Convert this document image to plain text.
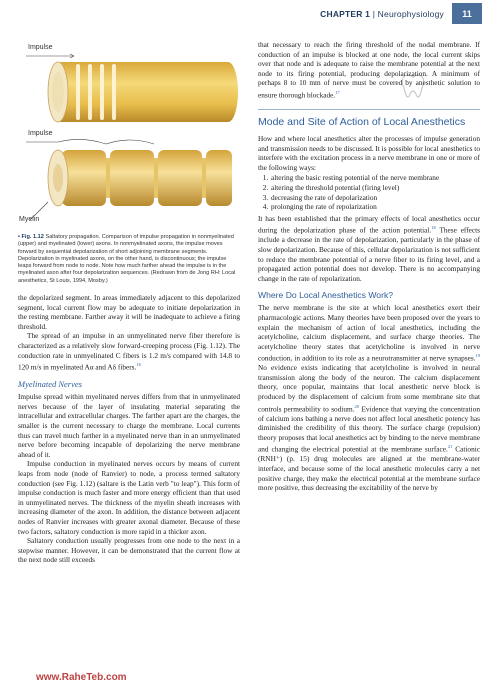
CHAPTER 1 | Neurophysiology	11
Impulse
Impulse
Myelin
• Fig. 1.12 Saltatory propagation. Comparison of impulse propagation in nonmyelinated (upper) and myelinated (lower) axons. In nonmyelinated axons, the impulse moves forward by sequential depolarization of short adjoining membrane segments. Depolarization in myelinated axons, on the other hand, is discontinuous; the impulse leaps forward from node to node. Note how much farther ahead the impulse is in the myelinated axon after four depolarization sequences. (Redrawn from de Jong RH: Local anesthetics, St Louis, 1994, Mosby.)

the depolarized segment. In areas immediately adjacent to this depolarized segment, local current flow may be adequate to initiate depolarization in the resting membrane. Farther away it will be inadequate to achieve a firing threshold.

The spread of an impulse in an unmyelinated nerve fiber therefore is characterized as a relatively slow forward-creeping process (Fig. 1.12). The conduction rate in unmyelinated C fibers is 1.2 m/s compared with 14.8 to 120 m/s in myelinated Aα and Aδ fibers.$^{16}$

Myelinated Nerves

Impulse spread within myelinated nerves differs from that in unmyelinated nerves because of the layer of insulating material separating the intracellular and extracellular charges. The farther apart are the charges, the smaller is the current necessary to charge the membrane. Local currents thus can travel much farther in a myelinated nerve than in an unmyelinated nerve before becoming incapable of depolarizing the nerve membrane ahead of it.

Impulse conduction in myelinated nerves occurs by means of current leaps from node (node of Ranvier) to node, a process termed saltatory conduction (see Fig. 1.12) (saltare is the Latin verb "to leap"). This form of impulse conduction is much faster and more energy efficient than that used in unmyelinated nerves. The thickness of the myelin sheath increases with increasing diameter of the axon. In addition, the distance between adjacent nodes of Ranvier increases with greater axonal diameter. Because of these two factors, saltatory conduction is more rapid in a thicker axon.

Saltatory conduction usually progresses from one node to the next in a stepwise manner. However, it can be demonstrated that the current flow at the next node still exceeds

that necessary to reach the firing threshold of the nodal membrane. If conduction of an impulse is blocked at one node, the local current skips over that node and is adequate to raise the membrane potential at the next node to its firing potential, producing depolarization. A minimum of perhaps 8 to 10 mm of nerve must be covered by anesthetic solution to ensure thorough blockade.$^{17}$

Mode and Site of Action of Local Anesthetics

How and where local anesthetics alter the processes of impulse generation and transmission needs to be discussed. It is possible for local anesthetics to interfere with the excitation process in a nerve membrane in one or more of the following ways:

1. altering the basic resting potential of the nerve membrane
2. altering the threshold potential (firing level)
3. decreasing the rate of depolarization
4. prolonging the rate of repolarization

It has been established that the primary effects of local anesthetics occur during the depolarization phase of the action potential.$^{18}$ These effects include a decrease in the rate of depolarization, particularly in the phase of slow depolarization. Because of this, cellular depolarization is not sufficient to reduce the membrane potential of a nerve fiber to its firing level, and a propagated action potential does not develop. There is no accompanying change in the rate of repolarization.

Where Do Local Anesthetics Work?

The nerve membrane is the site at which local anesthetics exert their pharmacologic actions. Many theories have been proposed over the years to explain the mechanism of action of local anesthetics, including the acetylcholine, calcium displacement, and surface charge theories. The acetylcholine theory states that acetylcholine is involved in nerve conduction, in addition to its role as a neurotransmitter at nerve synapses.$^{19}$ No evidence exists indicating that acetylcholine is involved in neural transmission along the body of the neuron. The calcium displacement theory, once popular, maintains that local anesthetic nerve block is produced by the displacement of calcium from some membrane site that controls permeability to sodium.$^{20}$ Evidence that varying the concentration of calcium ions bathing a nerve does not affect local anesthetic potency has diminished the credibility of this theory. The surface charge (repulsion) theory proposes that local anesthetics act by binding to the nerve membrane and changing the electrical potential at the membrane surface.$^{21}$ Cationic (RNH⁺) (p. 15) drug molecules are aligned at the membrane-water interface, and because some of the local anesthetic molecules carry a net positive charge, they make the electrical potential at the membrane surface more positive, thus decreasing the excitability of the nerve by

www.RaheTeb.com
